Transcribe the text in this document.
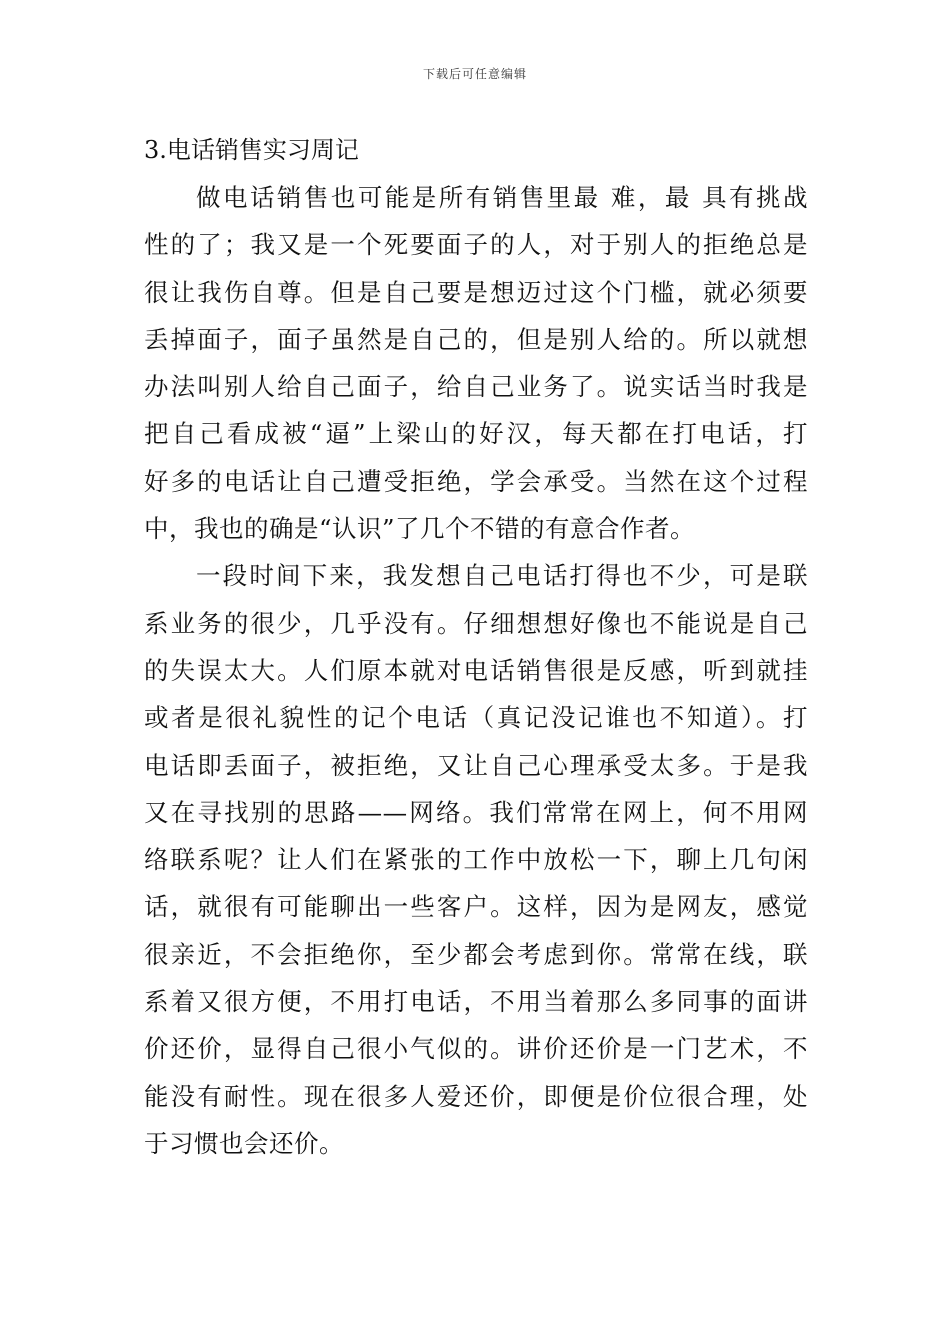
下载后可任意编辑
3.电话销售实习周记
做电话销售也可能是所有销售里最 难，最 具有挑战
性的了；我又是一个死要面子的人，对于别人的拒绝总是
很让我伤自尊。但是自己要是想迈过这个门槛，就必须要
丢掉面子，面子虽然是自己的，但是别人给的。所以就想
办法叫别人给自己面子，给自己业务了。说实话当时我是
把自己看成被“逼”上梁山的好汉，每天都在打电话，打
好多的电话让自己遭受拒绝，学会承受。当然在这个过程
中，我也的确是“认识”了几个不错的有意合作者。
一段时间下来，我发想自己电话打得也不少，可是联
系业务的很少，几乎没有。仔细想想好像也不能说是自己
的失误太大。人们原本就对电话销售很是反感，听到就挂
或者是很礼貌性的记个电话（真记没记谁也不知道）。打
电话即丢面子，被拒绝，又让自己心理承受太多。于是我
又在寻找别的思路——网络。我们常常在网上，何不用网
络联系呢？让人们在紧张的工作中放松一下，聊上几句闲
话，就很有可能聊出一些客户。这样，因为是网友，感觉
很亲近，不会拒绝你，至少都会考虑到你。常常在线，联
系着又很方便，不用打电话，不用当着那么多同事的面讲
价还价，显得自己很小气似的。讲价还价是一门艺术，不
能没有耐性。现在很多人爱还价，即便是价位很合理，处
于习惯也会还价。
